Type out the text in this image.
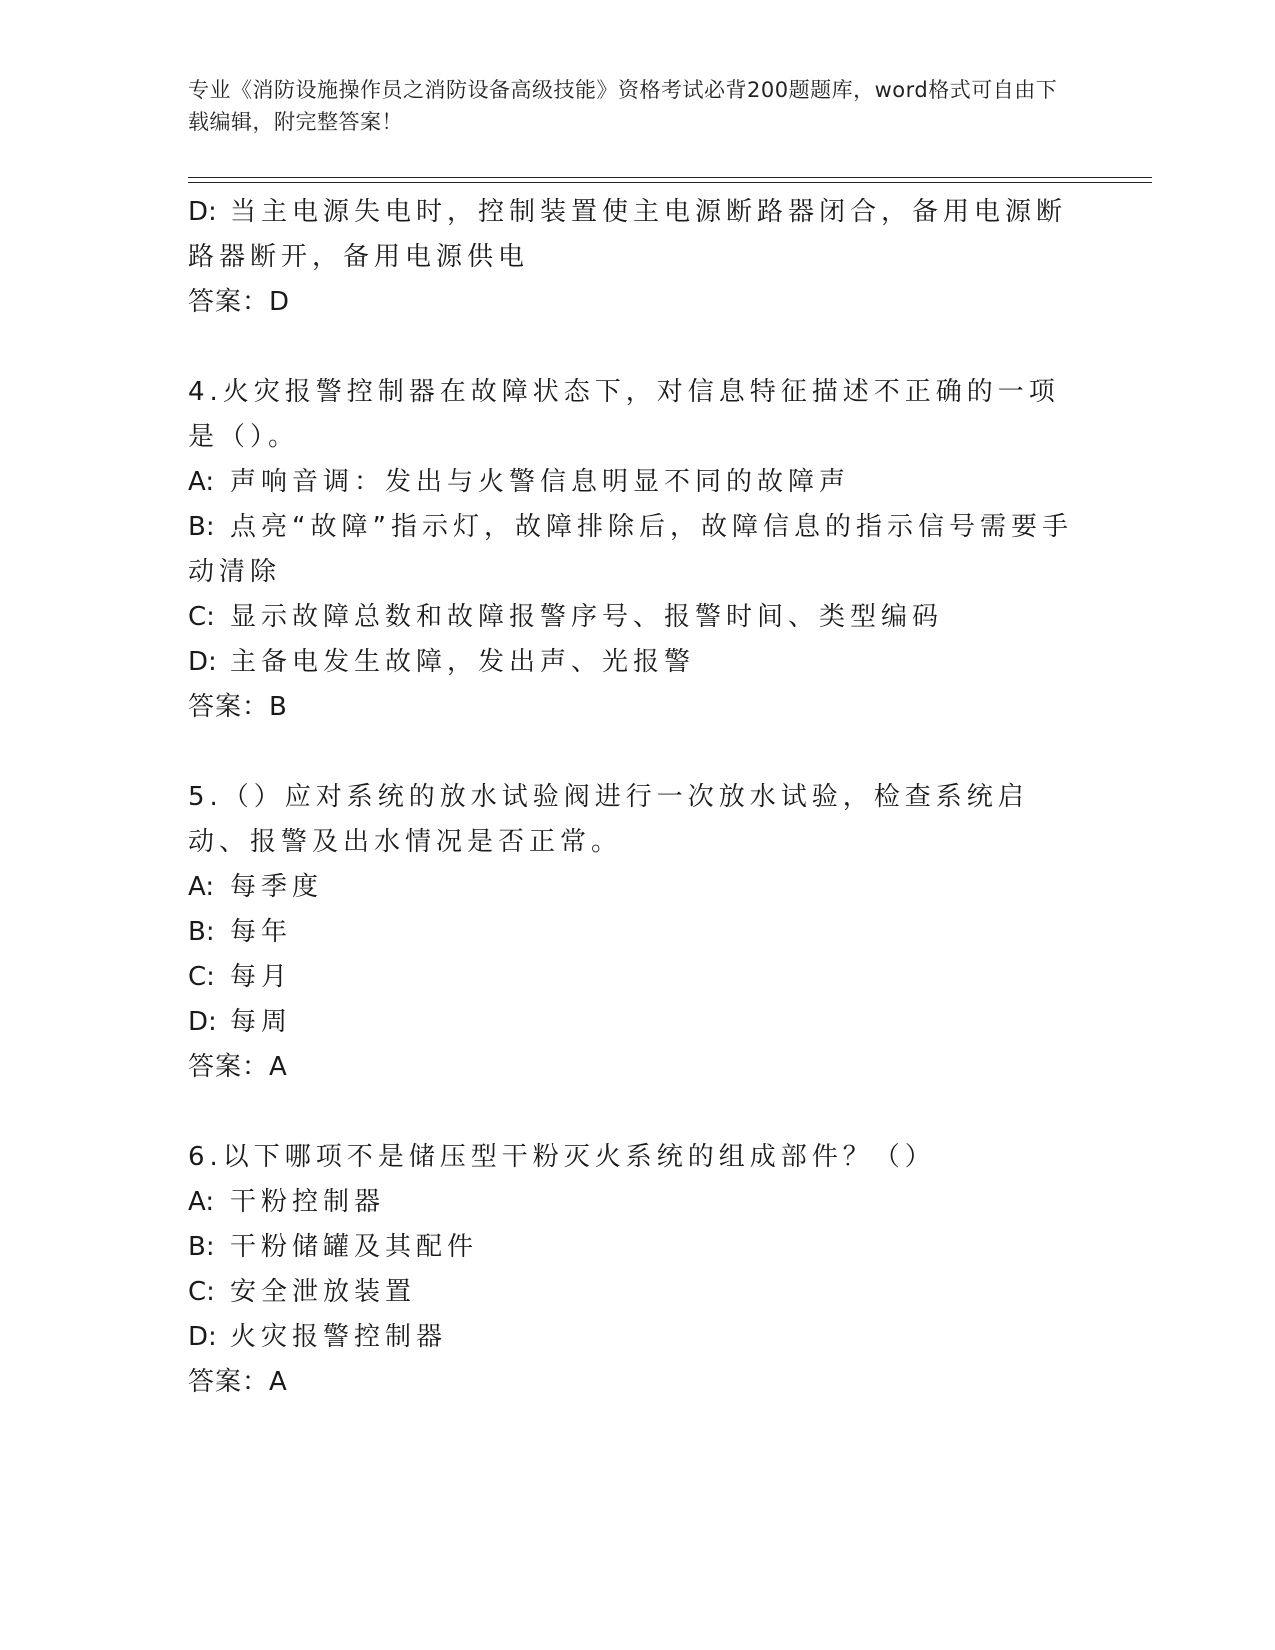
专业《消防设施操作员之消防设备高级技能》资格考试必背200题题库，word格式可自由下载编辑，附完整答案！
D: 当主电源失电时，控制装置使主电源断路器闭合，备用电源断路器断开，备用电源供电
答案：D
4.火灾报警控制器在故障状态下，对信息特征描述不正确的一项是（）。
A: 声响音调：发出与火警信息明显不同的故障声
B: 点亮“故障”指示灯，故障排除后，故障信息的指示信号需要手动清除
C: 显示故障总数和故障报警序号、报警时间、类型编码
D: 主备电发生故障，发出声、光报警
答案：B
5.（）应对系统的放水试验阀进行一次放水试验，检查系统启动、报警及出水情况是否正常。
A: 每季度
B: 每年
C: 每月
D: 每周
答案：A
6.以下哪项不是储压型干粉灭火系统的组成部件？（）
A: 干粉控制器
B: 干粉储罐及其配件
C: 安全泄放装置
D: 火灾报警控制器
答案：A
